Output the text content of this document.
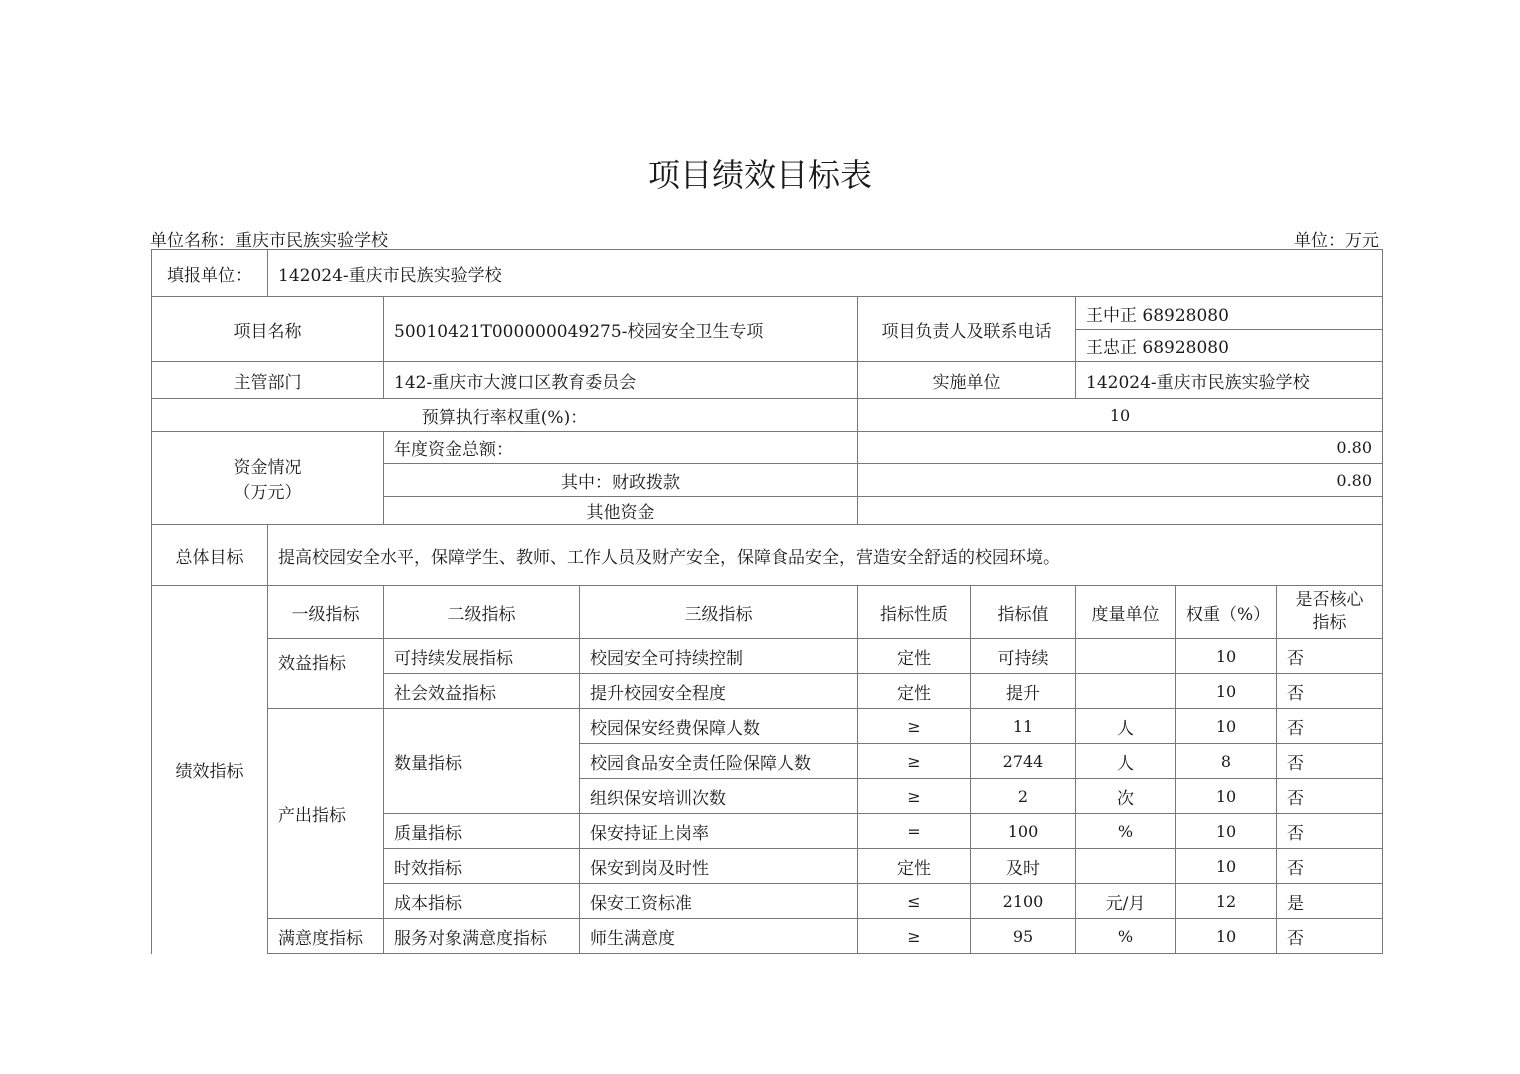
项目绩效目标表
单位名称：重庆市民族实验学校	单位：万元
填报单位：	142024-重庆市民族实验学校							
项目名称		50010421T000000049275-校园安全卫生专项		项目负责人及联系电话		王中正 68928080		
						王忠正 68928080		
主管部门		142-重庆市大渡口区教育委员会		实施单位		142024-重庆市民族实验学校		
预算执行率权重(%)：				10				

资金情况
（万元）		年度资金总额：		0.80				
		其中：财政拨款		0.80				
		其他资金						
总体目标	提高校园安全水平，保障学生、教师、工作人员及财产安全，保障食品安全，营造安全舒适的校园环境。							
绩效指标	一级指标	二级指标	三级指标	指标性质	指标值	度量单位	权重（%）	是否核心
指标

	效益指标	可持续发展指标	校园安全可持续控制	定性	可持续		10	否
		社会效益指标	提升校园安全程度	定性	提升		10	否
	产出指标	数量指标	校园保安经费保障人数	≥	11	人	10	否
			校园食品安全责任险保障人数	≥	2744	人	8	否
			组织保安培训次数	≥	2	次	10	否
		质量指标	保安持证上岗率	=	100	%	10	否
		时效指标	保安到岗及时性	定性	及时		10	否
		成本指标	保安工资标准	≤	2100	元/月	12	是
	满意度指标	服务对象满意度指标	师生满意度	≥	95	%	10	否
